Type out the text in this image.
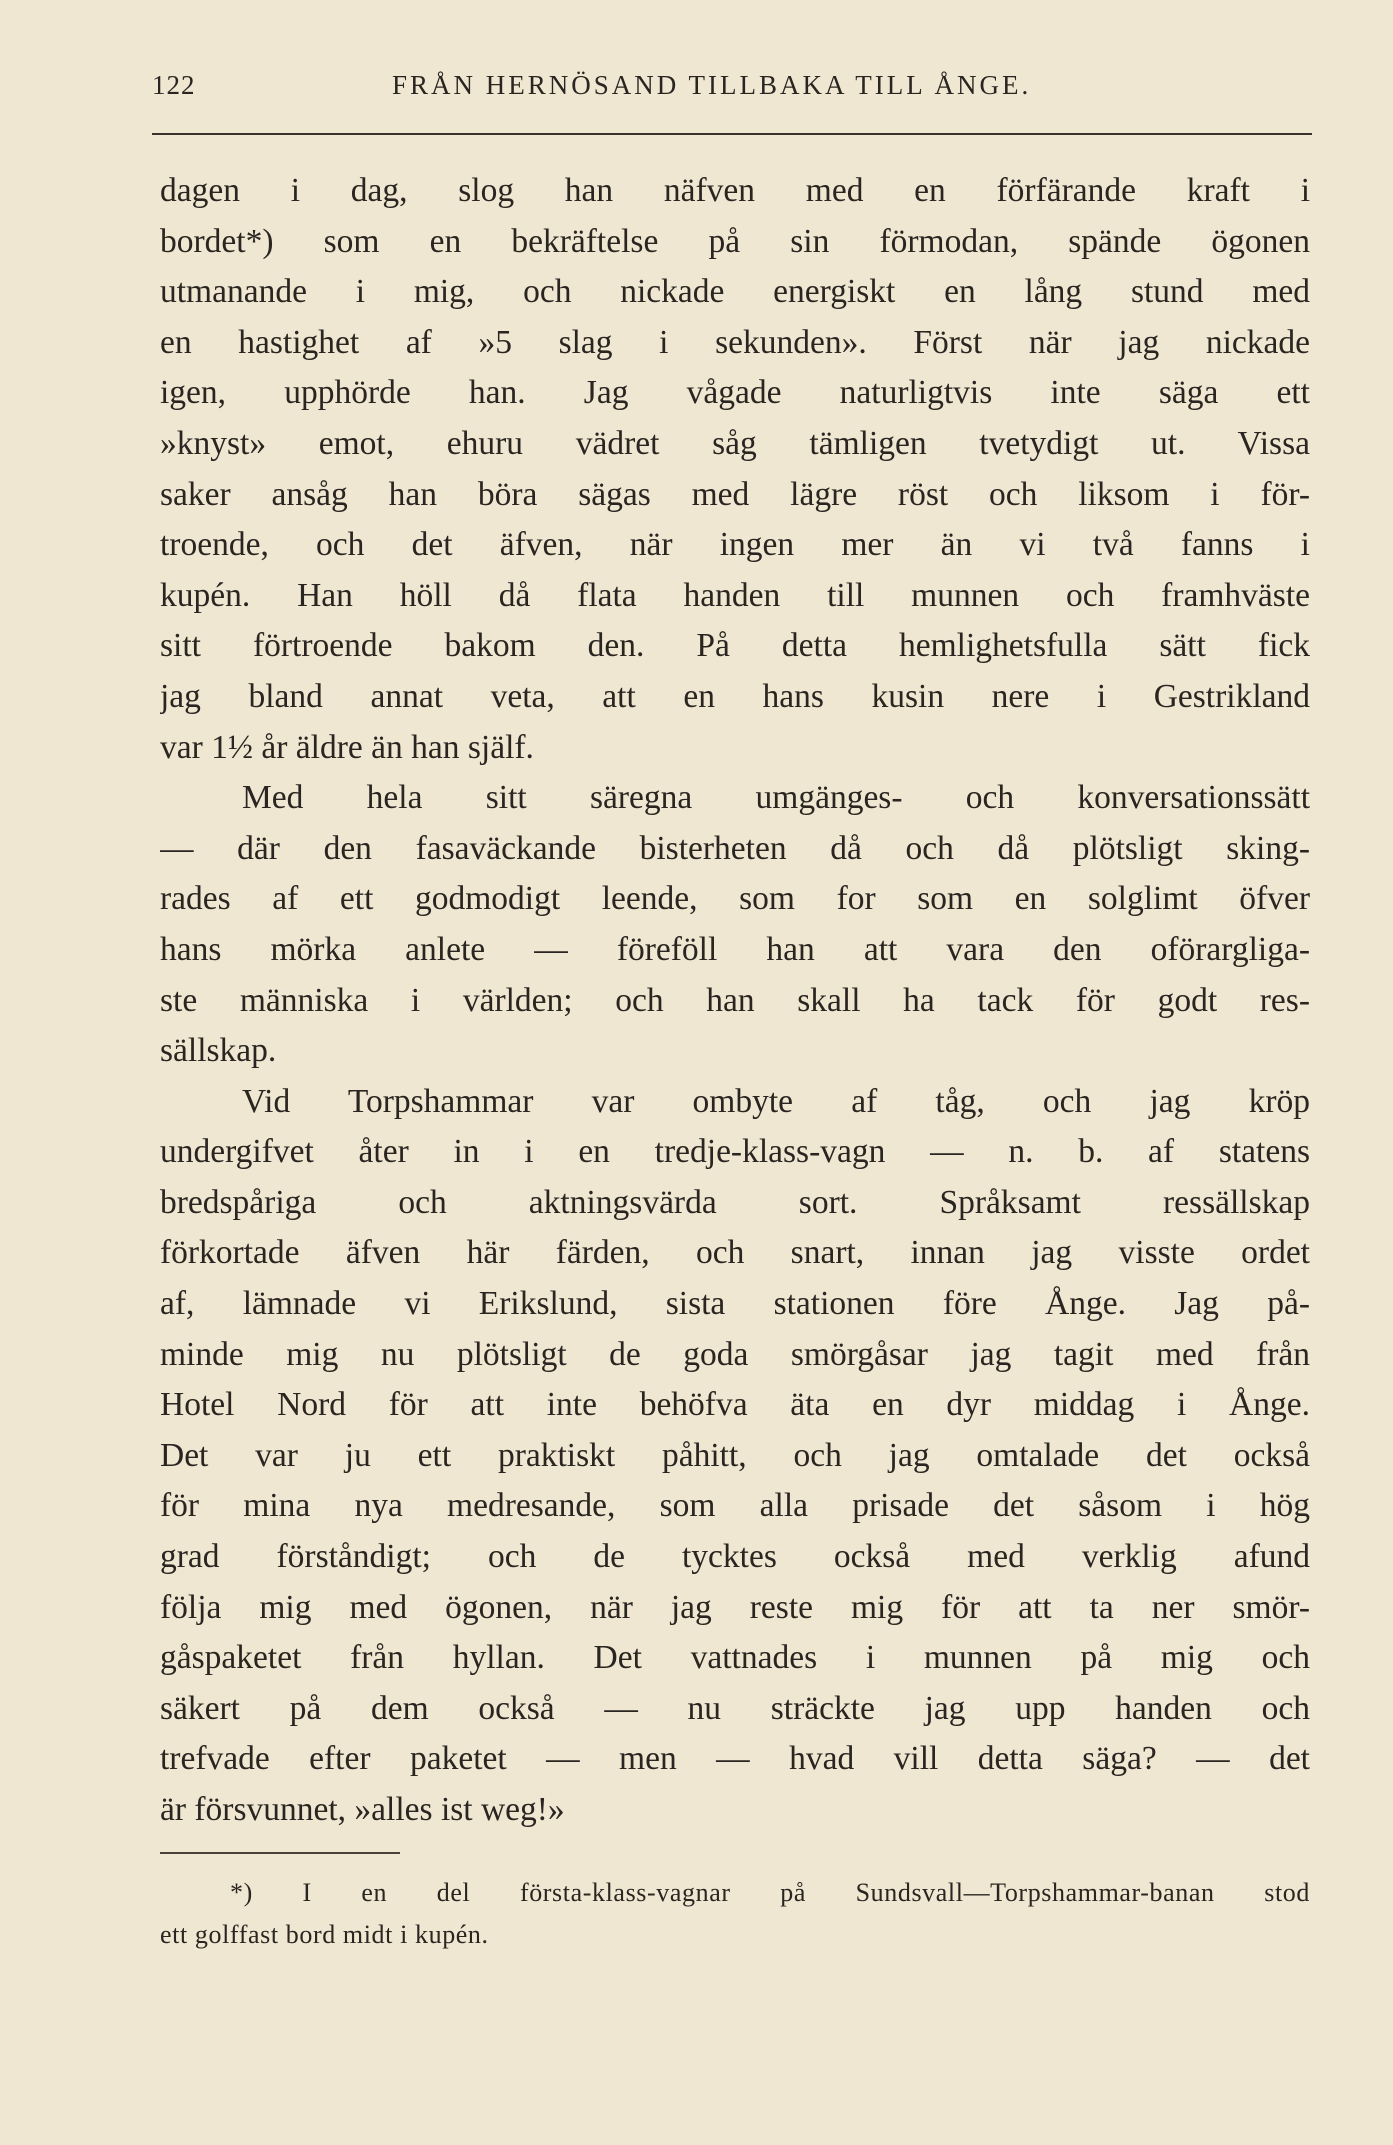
122	FRÅN HERNÖSAND TILLBAKA TILL ÅNGE.
dagen i dag, slog han näfven med en förfärande kraft i
bordet*) som en bekräftelse på sin förmodan, spände ögonen
utmanande i mig, och nickade energiskt en lång stund med
en hastighet af »5 slag i sekunden». Först när jag nickade
igen, upphörde han. Jag vågade naturligtvis inte säga ett
»knyst» emot, ehuru vädret såg tämligen tvetydigt ut. Vissa
saker ansåg han böra sägas med lägre röst och liksom i för-
troende, och det äfven, när ingen mer än vi två fanns i
kupén. Han höll då flata handen till munnen och framhväste
sitt förtroende bakom den. På detta hemlighetsfulla sätt fick
jag bland annat veta, att en hans kusin nere i Gestrikland
var 1½ år äldre än han själf.
Med hela sitt säregna umgänges- och konversationssätt
— där den fasaväckande bisterheten då och då plötsligt sking-
rades af ett godmodigt leende, som for som en solglimt öfver
hans mörka anlete — föreföll han att vara den oförargliga-
ste människa i världen; och han skall ha tack för godt res-
sällskap.
Vid Torpshammar var ombyte af tåg, och jag kröp
undergifvet åter in i en tredje-klass-vagn — n. b. af statens
bredspåriga och aktningsvärda sort. Språksamt ressällskap
förkortade äfven här färden, och snart, innan jag visste ordet
af, lämnade vi Erikslund, sista stationen före Ånge. Jag på-
minde mig nu plötsligt de goda smörgåsar jag tagit med från
Hotel Nord för att inte behöfva äta en dyr middag i Ånge.
Det var ju ett praktiskt påhitt, och jag omtalade det också
för mina nya medresande, som alla prisade det såsom i hög
grad förståndigt; och de tycktes också med verklig afund
följa mig med ögonen, när jag reste mig för att ta ner smör-
gåspaketet från hyllan. Det vattnades i munnen på mig och
säkert på dem också — nu sträckte jag upp handen och
trefvade efter paketet — men — hvad vill detta säga? — det
är försvunnet, »alles ist weg!»
*) I en del första-klass-vagnar på Sundsvall—Torpshammar-banan stod
ett golffast bord midt i kupén.
